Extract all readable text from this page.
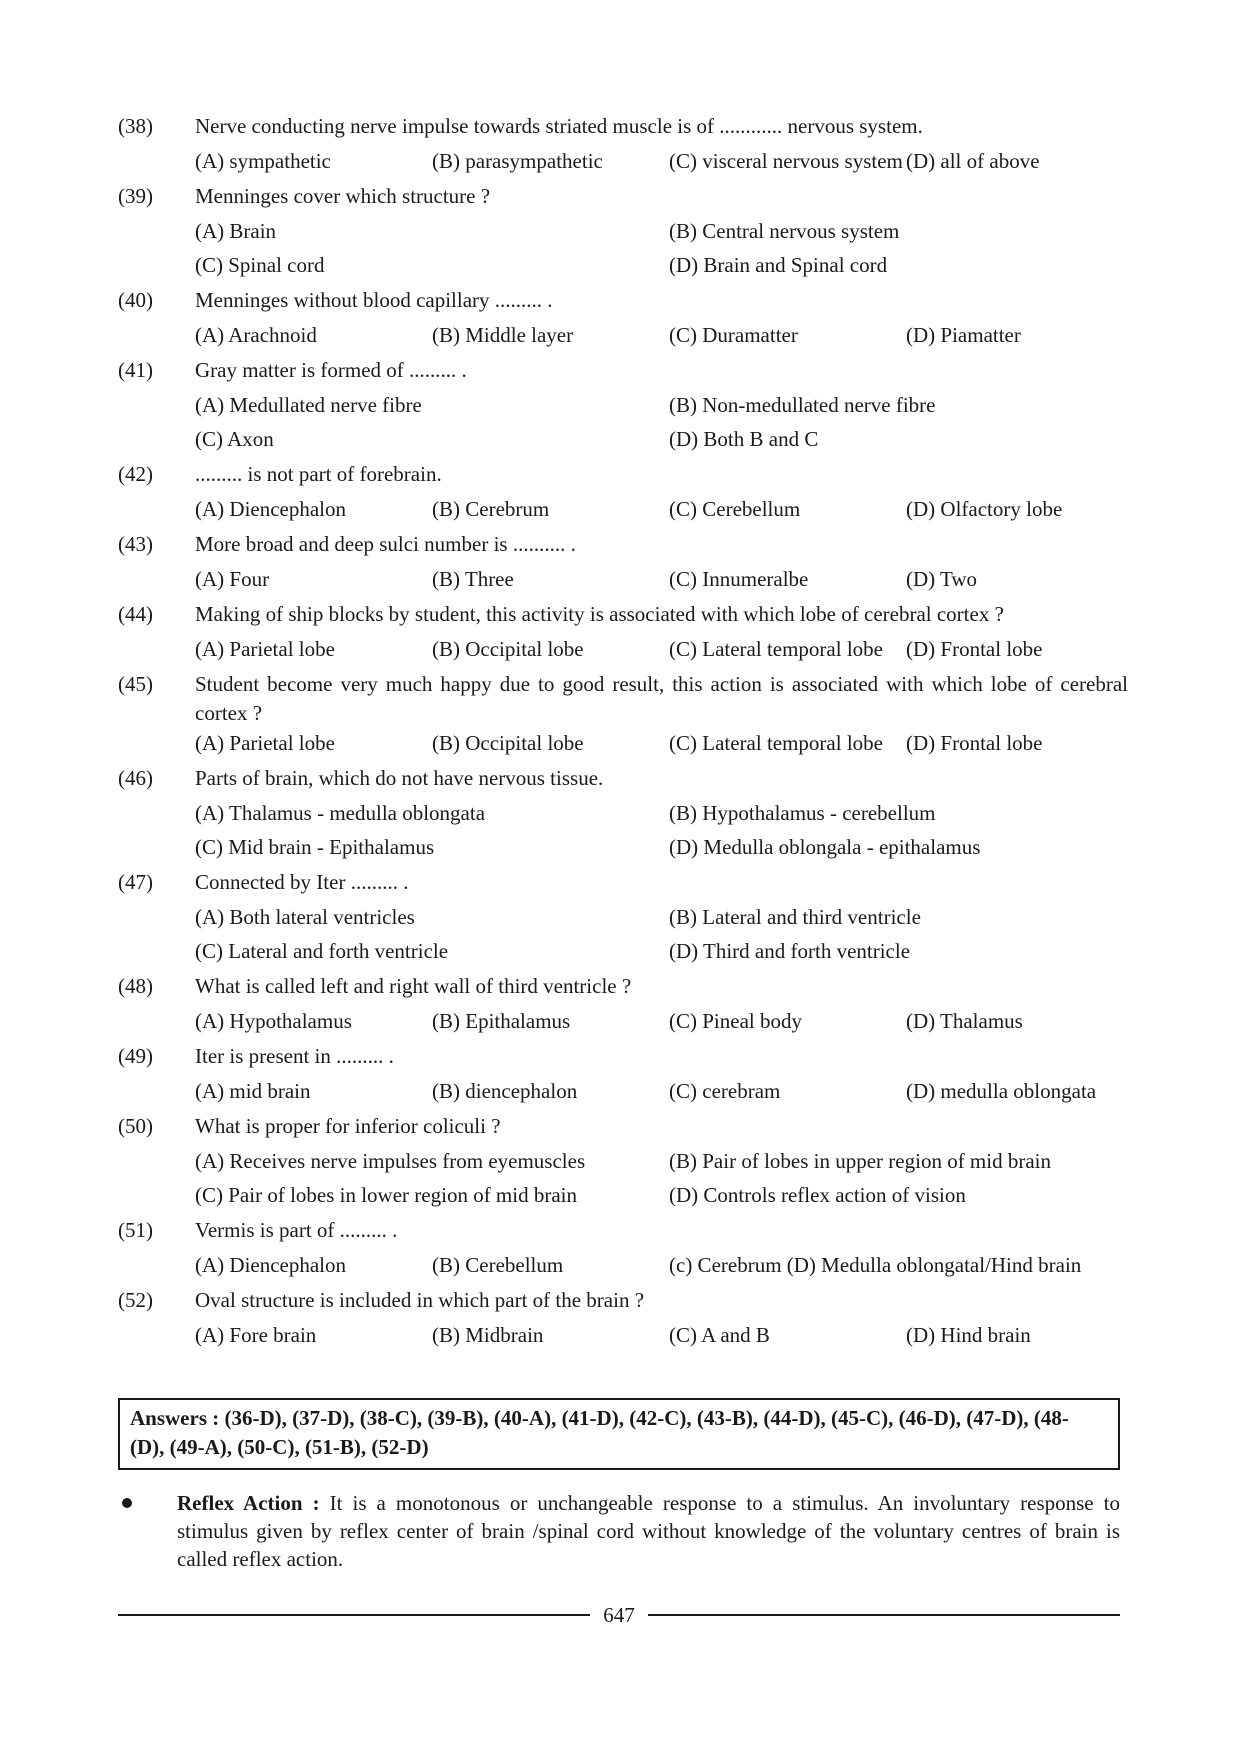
(38)	Nerve conducting nerve impulse towards striated muscle is of ............ nervous system.
(A) sympathetic	(B) parasympathetic	(C) visceral nervous system (D) all of above
(39)	Menninges cover which structure ?
(A) Brain	(B) Central nervous system
(C) Spinal cord	(D) Brain and Spinal cord
(40)	Menninges without blood capillary ......... .
(A) Arachnoid	(B) Middle layer	(C) Duramatter	(D) Piamatter
(41)	Gray matter is formed of ......... .
(A) Medullated nerve fibre	(B) Non-medullated nerve fibre
(C) Axon	(D) Both B and C
(42)	......... is not part of forebrain.
(A) Diencephalon	(B) Cerebrum	(C) Cerebellum	(D) Olfactory lobe
(43)	More broad and deep sulci number is .......... .
(A) Four	(B) Three	(C) Innumeralbe	(D) Two
(44)	Making of ship blocks by student, this activity is associated with which lobe of cerebral cortex ?
(A) Parietal lobe	(B) Occipital lobe	(C) Lateral temporal lobe (D) Frontal lobe
(45)	Student become very much happy due to good result, this action is associated with which lobe of cerebral cortex ?
(A) Parietal lobe	(B) Occipital lobe	(C) Lateral temporal lobe (D) Frontal lobe
(46)	Parts of brain, which do not have nervous tissue.
(A) Thalamus - medulla oblongata	(B) Hypothalamus - cerebellum
(C) Mid brain - Epithalamus	(D) Medulla oblongala - epithalamus
(47)	Connected by Iter ......... .
(A) Both lateral ventricles	(B) Lateral and third ventricle
(C) Lateral and forth ventricle	(D) Third and forth ventricle
(48)	What is called left and right wall of third ventricle ?
(A) Hypothalamus	(B) Epithalamus	(C) Pineal body	(D) Thalamus
(49)	Iter is present in ......... .
(A) mid brain	(B) diencephalon	(C) cerebram	(D) medulla oblongata
(50)	What is proper for inferior coliculi ?
(A) Receives nerve impulses from eyemuscles	(B) Pair of lobes in upper region of mid brain
(C) Pair of lobes in lower region of mid brain	(D) Controls reflex action of vision
(51)	Vermis is part of ......... .
(A) Diencephalon	(B) Cerebellum	(c) Cerebrum (D) Medulla oblongatal/Hind brain
(52)	Oval structure is included in which part of the brain ?
(A) Fore brain	(B) Midbrain	(C) A and B	(D) Hind brain
Answers : (36-D), (37-D), (38-C), (39-B), (40-A), (41-D), (42-C), (43-B), (44-D), (45-C), (46-D), (47-D), (48- (D), (49-A), (50-C), (51-B), (52-D)
Reflex Action : It is a monotonous or unchangeable response to a stimulus. An involuntary response to stimulus given by reflex center of brain /spinal cord without knowledge of the voluntary centres of brain is called reflex action.
647
